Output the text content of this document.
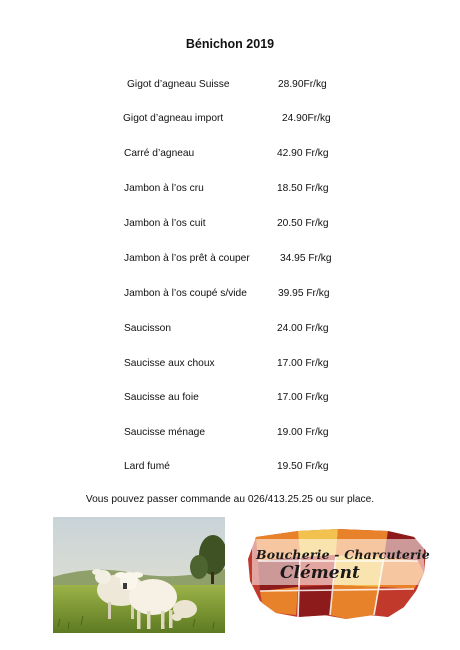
Bénichon 2019
Gigot d’agneau Suisse	28.90Fr/kg
Gigot d’agneau import	24.90Fr/kg
Carré d’agneau	42.90 Fr/kg
Jambon à l’os cru	18.50 Fr/kg
Jambon à l’os cuit	20.50 Fr/kg
Jambon à l’os prêt à couper	34.95 Fr/kg
Jambon à l’os coupé s/vide	39.95 Fr/kg
Saucisson	24.00 Fr/kg
Saucisse aux choux	17.00 Fr/kg
Saucisse au foie	17.00 Fr/kg
Saucisse ménage	19.00 Fr/kg
Lard fumé	19.50 Fr/kg
Vous pouvez passer commande au 026/413.25.25 ou sur place.
Boucherie - Charcuterie
Clément
